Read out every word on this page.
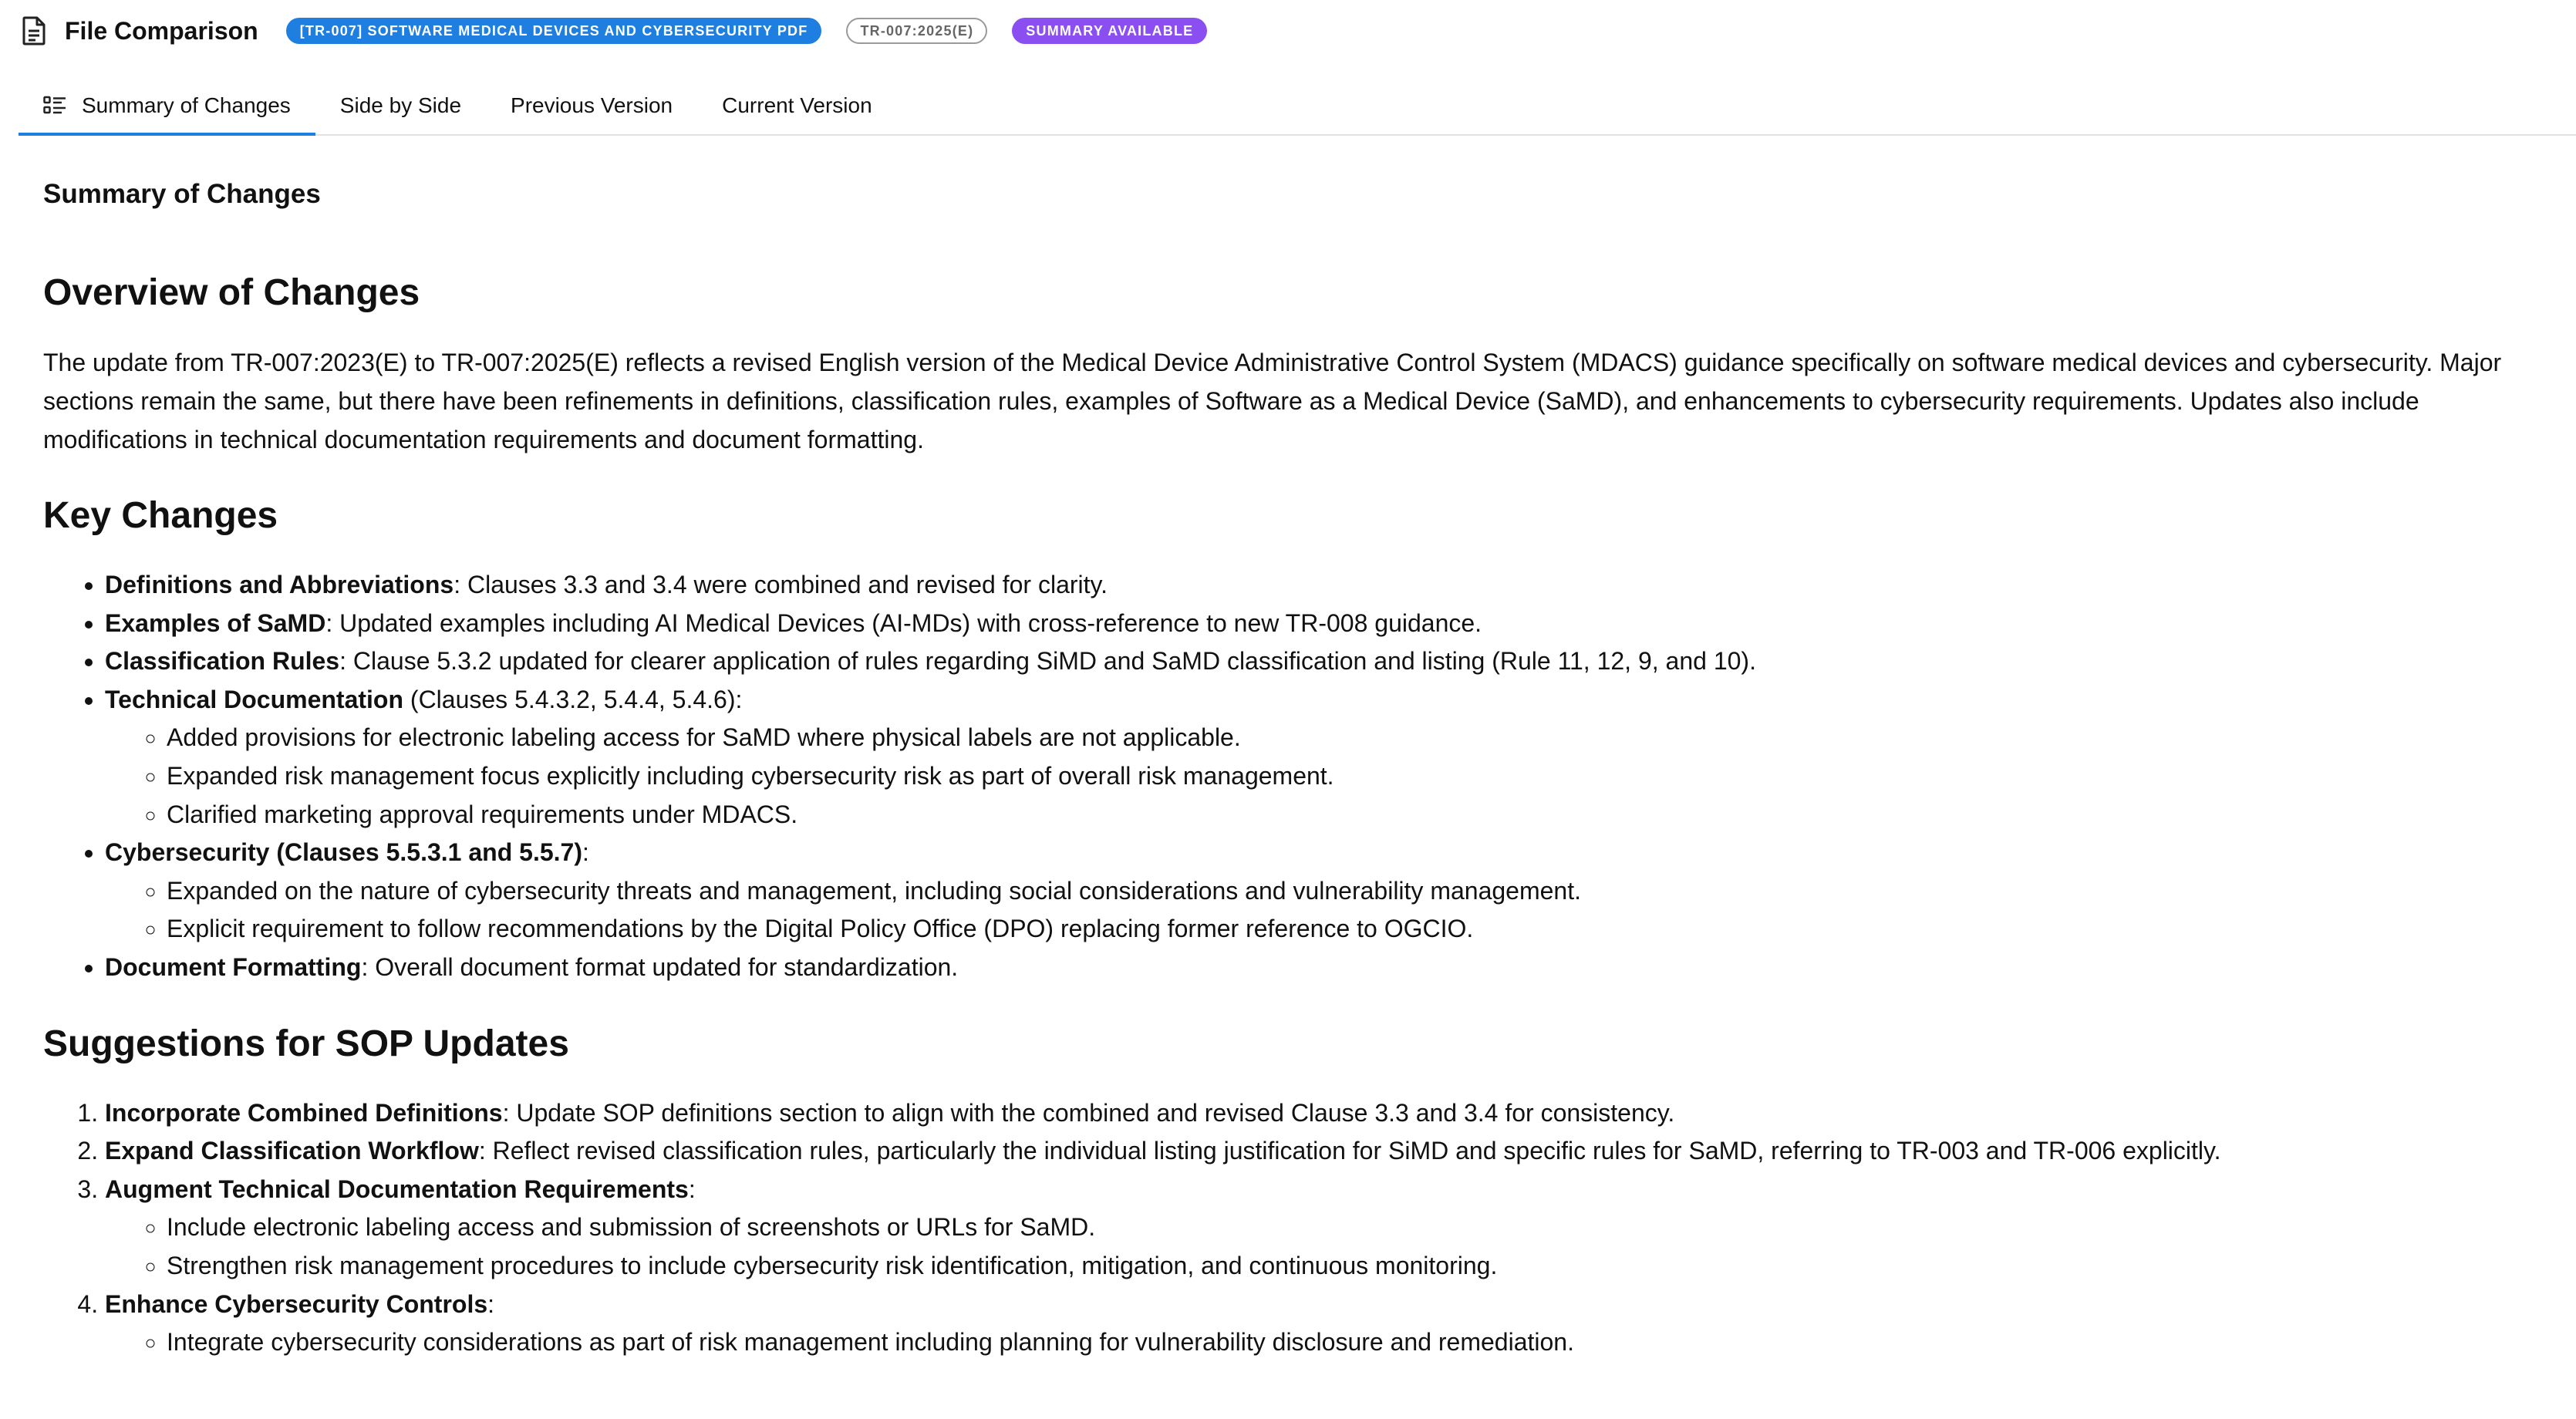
File Comparison	[TR-007] SOFTWARE MEDICAL DEVICES AND CYBERSECURITY PDF	TR-007:2025(E)	SUMMARY AVAILABLE
Summary of Changes Side by Side Previous Version Current Version
Summary of Changes
Overview of Changes

The update from TR-007:2023(E) to TR-007:2025(E) reflects a revised English version of the Medical Device Administrative Control System (MDACS) guidance specifically on software medical devices and cybersecurity. Major sections remain the same, but there have been refinements in definitions, classification rules, examples of Software as a Medical Device (SaMD), and enhancements to cybersecurity requirements. Updates also include modifications in technical documentation requirements and document formatting.

Key Changes
• Definitions and Abbreviations: Clauses 3.3 and 3.4 were combined and revised for clarity.
• Examples of SaMD: Updated examples including AI Medical Devices (AI-MDs) with cross-reference to new TR-008 guidance.
• Classification Rules: Clause 5.3.2 updated for clearer application of rules regarding SiMD and SaMD classification and listing (Rule 11, 12, 9, and 10).
• Technical Documentation (Clauses 5.4.3.2, 5.4.4, 5.4.6):
◦ Added provisions for electronic labeling access for SaMD where physical labels are not applicable.
◦ Expanded risk management focus explicitly including cybersecurity risk as part of overall risk management.
◦ Clarified marketing approval requirements under MDACS.
• Cybersecurity (Clauses 5.5.3.1 and 5.5.7):
◦ Expanded on the nature of cybersecurity threats and management, including social considerations and vulnerability management.
◦ Explicit requirement to follow recommendations by the Digital Policy Office (DPO) replacing former reference to OGCIO.
• Document Formatting: Overall document format updated for standardization.
Suggestions for SOP Updates
1. Incorporate Combined Definitions: Update SOP definitions section to align with the combined and revised Clause 3.3 and 3.4 for consistency.
2. Expand Classification Workflow: Reflect revised classification rules, particularly the individual listing justification for SiMD and specific rules for SaMD, referring to TR-003 and TR-006 explicitly.
3. Augment Technical Documentation Requirements:
◦ Include electronic labeling access and submission of screenshots or URLs for SaMD.
◦ Strengthen risk management procedures to include cybersecurity risk identification, mitigation, and continuous monitoring.
4. Enhance Cybersecurity Controls:
◦ Integrate cybersecurity considerations as part of risk management including planning for vulnerability disclosure and remediation.
